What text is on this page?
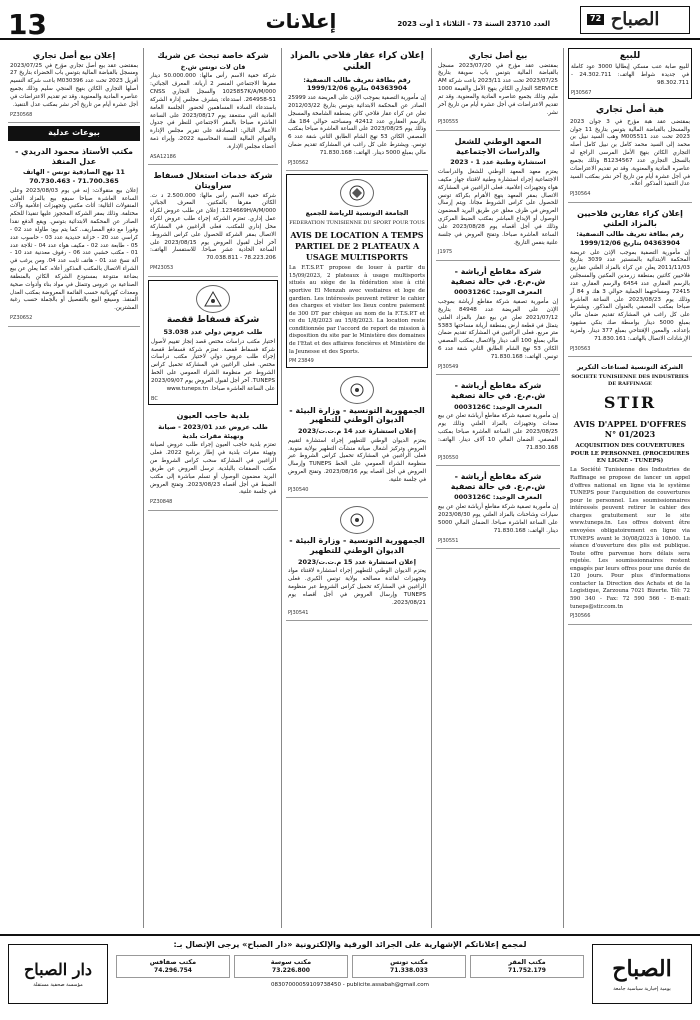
13	إعلانات	العدد 23710 السنة 73 - الثلاثاء 1 أوت 2023
72 الصباح
للبيع
للبيع صابة عنب مسكي إيطاليا 3000 عود كاملة في جديدة شواط الهاتف: 24.302.711 - 98.302.711
PJ30567
هبة أصل تجاري
بمقتضى عقد هبة مؤرخ في 3 جوان 2023 والمسجل بالقباضة المالية بتونس بتاريخ 11 جوان 2023 تحت عدد M005511 وهب السيد نبيل بن محمد إلى السيد محمد كامل بن نبيل كامل أصله التجاري الكائن بنهج الأمل المرسى الراجع له بالسجل التجاري عدد B1234567 وذلك بجميع عناصره المادية والمعنوية. وقد تم تقديم الاعتراضات في أجل عشرة أيام من تاريخ آخر نشر بمكتب السيد عدل التنفيذ المذكور أعلاه.
PJ30564
إعلان كراء عقارين فلاحيين بالمزاد العلني
رقم بطاقة تعريف طالب التصفية: 04363904 بتاريخ 1999/12/06
إن مأمورية التصفية بموجب الإذن على عريضة المحكمة الابتدائية بالمنستير عدد 3039 بتاريخ 2011/11/03 يعلن عن كراء بالمزاد العلني عقارين فلاحيين كائنين بمنطقة زرمدين المكنين والمسجلين بالرسم العقاري عدد 6454 والرسم العقاري عدد 72415 ومساحتهما الجملية حوالي 3 هك و 84 آر وذلك يوم 2023/08/23 على الساعة العاشرة صباحا بمكتب المصفي بالعنوان المذكور. ويشترط على كل راغب في المشاركة تقديم ضمان مالي بمبلغ 5000 دينار بواسطة صك بنكي مشهود بإعداده. والمعين الإفتتاحي بمبلغ 377 دينار. ولمزيد الإرشادات الاتصال بالهاتف: 71.830.161
PJ30563
الشركة التونسية لصناعات التكرير
SOCIETE TUNISIENNE DES INDUSTRIES DE RAFFINAGE
STIR
AVIS D'APPEL D'OFFRES N° 01/2023
ACQUISITION DES COUVERTURES POUR LE PERSONNEL (PROCEDURES EN LIGNE - TUNEPS)
La Société Tunisienne des Industries de Raffinage se propose de lancer un appel d'offres national en ligne via le système TUNEPS pour l'acquisition de couvertures pour le personnel. Les soumissionnaires intéressés peuvent retirer le cahier des charges gratuitement sur le site www.tuneps.tn. Les offres doivent être envoyées obligatoirement en ligne via TUNEPS avant le 30/08/2023 à 10h00. La séance d'ouverture des plis est publique. Toute offre parvenue hors délais sera rejetée. Les soumissionnaires restent engagés par leurs offres pour une durée de 120 jours. Pour plus d'informations contacter la Direction des Achats et de la Logistique, Zarzouna 7021 Bizerte. Tél: 72 590 340 - Fax: 72 590 566 - E-mail: tuneps@stir.com.tn
PJ30566
بيع أصل تجاري
بمقتضى عقد مؤرخ في 2023/07/20 مسجل بالقباضة المالية بتونس باب سويقة بتاريخ 2023/07/25 تحت عدد 2023/11 باعت شركة AM SERVICE التجاري الكائن بنهج الأمل والقيمة 1000 مليم وذلك بجميع عناصره المادية والمعنوية. وقد تم تقديم الاعتراضات في أجل عشرة أيام من تاريخ آخر نشر.
PJ30555
المعهد الوطني للشغل والدراسات الاجتماعية
استشارة وطنية عدد 1 - 2023
يعتزم معهد المعهد الوطني للشغل والدراسات الاجتماعية إجراء استشارة وطنية لاقتناء جهاز مكيف هواء وتجهيزات إعلامية. فعلى الراغبين في المشاركة الاتصال بمقر المعهد بنهج الأهرام بكراكة تونس للحصول على كراس الشروط مجانا. ويتم إرسال العروض في ظرف مغلق عن طريق البريد المضمون الوصول أو الإيداع المباشر بمكتب الضبط المركزي وذلك في أجل أقصاه يوم 2023/08/28 على الساعة العاشرة صباحا. وتفتح العروض في جلسة علنية بنفس التاريخ.
J1975
شركة مقاطع أرياشة - ش.م.ع. في حالة تصفية
المعرف الوحيد: 0003126C
إن مأمورية تصفية شركة مقاطع أرياشة بموجب الإذن على العريضة عدد 84948 بتاريخ 2021/07/12 تعلن عن بيع عقار بالمزاد العلني يتمثل في قطعة أرض بمنطقة أريانة مساحتها 5383 متر مربع. فعلى الراغبين في المشاركة تقديم ضمان مالي بمبلغ 100 ألف دينار والاتصال بمكتب المصفي الكائن 53 نهج الشام الطابق الثاني شقة عدد 6 تونس. الهاتف: 71.830.168
PJ30549
شركة مقاطع أرياشة - ش.م.ع. في حالة تصفية
المعرف الوحيد: 0003126C
إن مأمورية تصفية شركة مقاطع أرياشة تعلن عن بيع معدات وتجهيزات بالمزاد العلني وذلك يوم 2023/08/25 على الساعة العاشرة صباحا بمكتب المصفي. الضمان المالي 10 آلاف دينار. الهاتف: 71.830.168
PJ30550
شركة مقاطع أرياشة - ش.م.ع. في حالة تصفية
المعرف الوحيد: 0003126C
إن مأمورية تصفية شركة مقاطع أرياشة تعلن عن بيع سيارات وشاحنات بالمزاد العلني يوم 2023/08/30 على الساعة العاشرة صباحا. الضمان المالي 5000 دينار. الهاتف: 71.830.168
PJ30551
إعلان كراء عقار فلاحي بالمزاد العلني
رقم بطاقة تعريف طالب التصفية: 04363904 بتاريخ 1999/12/06
إن مأمورية التصفية بموجب الإذن على العريضة عدد 25999 الصادر عن المحكمة الابتدائية بتونس بتاريخ 2012/03/22 تعلن عن كراء عقار فلاحي كائن بمنطقة الشامخة والمسجل بالرسم العقاري عدد 42412 ومساحته حوالي 184 هك وذلك يوم 2023/08/25 على الساعة العاشرة صباحا بمكتب المصفي الكائن 53 نهج الشام الطابق الثاني شقة عدد 6 تونس. ويشترط على كل راغب في المشاركة تقديم ضمان مالي بمبلغ 5000 دينار. الهاتف: 71.830.168
PJ30562
الجامعة التونسية للرياضة للجميع
FEDERATION TUNISIENNE DU SPORT POUR TOUS
AVIS DE LOCATION A TEMPS PARTIEL DE 2 PLATEAUX A USAGE MULTISPORTS
La F.T.S.P.T propose de louer à partir du 15/09/2023, 2 plateaux à usage multisports situés au siège de la fédération sise à cité sportive El Menzah avec vestiaires et loge de gardien. Les intéressés peuvent retirer le cahier des charges et visiter les lieux contre paiement de 300 DT par chèque au nom de la F.T.S.P.T et ce du 1/8/2023 au 15/8/2023. La location reste conditionnée par l'accord de report de mission à disposition du site par le Ministère des domaines de l'Etat et des affaires foncières et Ministère de la Jeunesse et des Sports.
PM 23849
الجمهورية التونسية - وزارة البيئة - الديوان الوطني للتطهير
إعلان استشارة عدد 14 م.ت.ت/2023
يعتزم الديوان الوطني للتطهير إجراء استشارة لتقييم العروض وتركيز أشغال صيانة منشآت التطهير بولاية منوبة. فعلى الراغبين في المشاركة تحميل كراس الشروط عبر منظومة الشراء العمومي على الخط TUNEPS وإرسال العروض في أجل أقصاه يوم 2023/08/16. وتفتح العروض في جلسة علنية.
PJ30540
الجمهورية التونسية - وزارة البيئة - الديوان الوطني للتطهير
إعلان استشارة عدد 15 م.ت.ت/2023
يعتزم الديوان الوطني للتطهير إجراء استشارة لاقتناء مواد وتجهيزات لفائدة مصالحه بولاية تونس الكبرى. فعلى الراغبين في المشاركة تحميل كراس الشروط عبر منظومة TUNEPS وإرسال العروض في أجل أقصاه يوم 2023/08/21.
PJ30541
شركة خاصة تبحث عن شريك
فان لات تونس ش.خ
شركة خفية الاسم رأس مالها: 50.000.000 دينار مقرها الاجتماعي المنصر 2 أريانة. المعرف الجبائي: 1025857K/A/M/000 والسجل التجاري CNSS 264958-51. استدعاء: يتشرف مجلس إدارة الشركة باستدعاء السادة المساهمين لحضور الجلسة العامة العادية التي ستنعقد يوم 2023/08/17 على الساعة العاشرة صباحا بالمقر الاجتماعي للنظر في جدول الأعمال التالي: المصادقة على تقرير مجلس الإدارة والقوائم المالية للسنة المحاسبية 2022، وإبراء ذمة أعضاء مجلس الإدارة.
ASA12186
شركة خدمات استغلال فسفاط سراويتان
شركة خفية الاسم رأس مالها: 2.500.000 د ت. الكائن مقرها بالمكنين. المعرف الجبائي 1234669H/A/M/000. إعلان عن طلب عروض لكراء عمل إداري. تعتزم الشركة إجراء طلب عروض لكراء محل إداري للمكتب. فعلى الراغبين في المشاركة الاتصال بمقر الشركة للحصول على كراس الشروط. آخر أجل لقبول العروض يوم 2023/08/15 على الساعة الحادية عشر صباحا. للاستفسار الهاتف: 78.223.206 - 70.038.811
PM23053
شركة فسفاط قفصة
طلب عروض دولي عدد 53.038
اختيار مكتب دراسات مختص قصد إنجاز تقييم لأصول شركة فسفاط قفصة. تعتزم شركة فسفاط قفصة إجراء طلب عروض دولي لاختيار مكتب دراسات مختص. فعلى الراغبين في المشاركة تحميل كراس الشروط عبر منظومة الشراء العمومي على الخط TUNEPS. آخر أجل لقبول العروض يوم 2023/09/07 على الساعة العاشرة صباحا. www.tuneps.tn
BC
بلدية حاجب العيون
طلب عروض عدد 2023/01 - صيانة وتهيئة مقرات بلدية
تعتزم بلدية حاجب العيون إجراء طلب عروض لصيانة وتهيئة مقرات بلدية في إطار برنامج 2022. فعلى الراغبين في المشاركة سحب كراس الشروط من مكتب الصفقات بالبلدية. ترسل العروض عن طريق البريد مضمون الوصول أو تسلم مباشرة إلى مكتب الضبط في أجل أقصاه 2023/08/23. وتفتح العروض في جلسة علنية.
PZ30848
إعلان بيع أصل تجاري
بمقتضى عقد بيع أصل تجاري مؤرخ في 2023/07/25 ومسجل بالقباضة المالية بتونس باب الخضراء بتاريخ 27 أفريل 2023 تحت عدد M030396 باعت شركة النسيم أصلها التجاري الكائن بنهج المنجي سليم وذلك بجميع عناصره المادية والمعنوية. وقد تم تقديم الاعتراضات في أجل عشرة أيام من تاريخ آخر نشر بمكتب عدل التنفيذ.
PZ30568
بيوعات عدلية
مكتب الأستاذ محمود الدريدي - عدل المنفذ
11 نهج الصادقية تونس - الهاتف 71.700.365 - 70.730.463
إعلان بيع منقولات: إنه في يوم 2023/08/03 وعلى الساعة العاشرة صباحا سيقع بيع بالمزاد العلني المنقولات التالية: أثاث مكتبي وتجهيزات إعلامية وآلات مختلفة. وذلك بمقر الشركة المحجوز عليها تنفيذا للحكم الصادر عن المحكمة الابتدائية بتونس. ويقع الدفع نقدا وفورا مع دفع المصاريف. كما يتم بيع: طاولة عدد 02 - كراسي عدد 20 - خزانة حديدية عدد 03 - حاسوب عدد 05 - طابعة عدد 02 - مكيف هواء عدد 04 - ثلاجة عدد 01 - مكتب خشبي عدد 06 - رفوف معدنية عدد 10 - آلة نسخ عدد 01 - هاتف ثابت عدد 04. ومن يرغب في الشراء الاتصال بالمكتب المذكور أعلاه. كما يعلن عن بيع بضاعة متنوعة بمستودع الشركة الكائن بالمنطقة الصناعية بن عروس وتتمثل في مواد بناء وأدوات صحية ومعدات كهربائية حسب القائمة المعروضة بمكتب العدل المنفذ. وسيقع البيع بالتفصيل أو بالجملة حسب رغبة المشترين.
PZ30652
الصباح
يومية إخبارية سياسية جامعة
لمجمع إعلاناتكم الإشهارية على الجرائد الورقية والإلكترونية «دار الصباح» يرجى الإتصال بـ:
مكتب المقر
71.752.179
مكتب تونس
71.338.033
مكتب سوسة
73.226.800
مكتب صفاقس
74.296.754
08307000059109738450 - publicite.assabah@gmail.com
دار الصباح
مؤسسة صحفية مستقلة
